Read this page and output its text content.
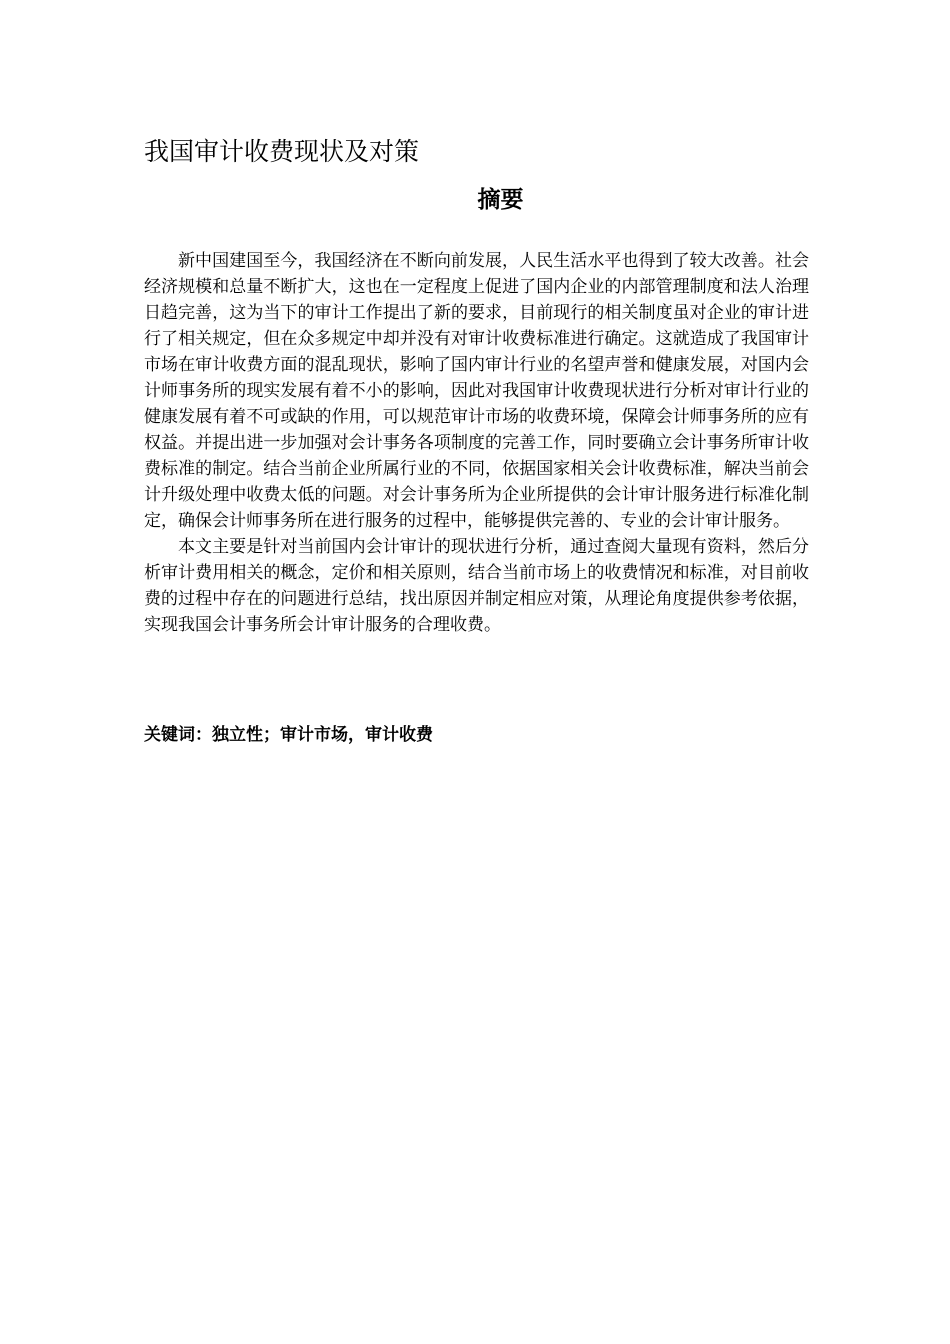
我国审计收费现状及对策
摘要

新中国建国至今，我国经济在不断向前发展，人民生活水平也得到了较大改善。社会经济规模和总量不断扩大，这也在一定程度上促进了国内企业的内部管理制度和法人治理日趋完善，这为当下的审计工作提出了新的要求，目前现行的相关制度虽对企业的审计进行了相关规定，但在众多规定中却并没有对审计收费标准进行确定。这就造成了我国审计市场在审计收费方面的混乱现状，影响了国内审计行业的名望声誉和健康发展，对国内会计师事务所的现实发展有着不小的影响，因此对我国审计收费现状进行分析对审计行业的健康发展有着不可或缺的作用，可以规范审计市场的收费环境，保障会计师事务所的应有权益。并提出进一步加强对会计事务各项制度的完善工作，同时要确立会计事务所审计收费标准的制定。结合当前企业所属行业的不同，依据国家相关会计收费标准，解决当前会计升级处理中收费太低的问题。对会计事务所为企业所提供的会计审计服务进行标准化制定，确保会计师事务所在进行服务的过程中，能够提供完善的、专业的会计审计服务。

本文主要是针对当前国内会计审计的现状进行分析，通过查阅大量现有资料，然后分析审计费用相关的概念，定价和相关原则，结合当前市场上的收费情况和标准，对目前收费的过程中存在的问题进行总结，找出原因并制定相应对策，从理论角度提供参考依据，实现我国会计事务所会计审计服务的合理收费。

关键词：独立性；审计市场，审计收费
